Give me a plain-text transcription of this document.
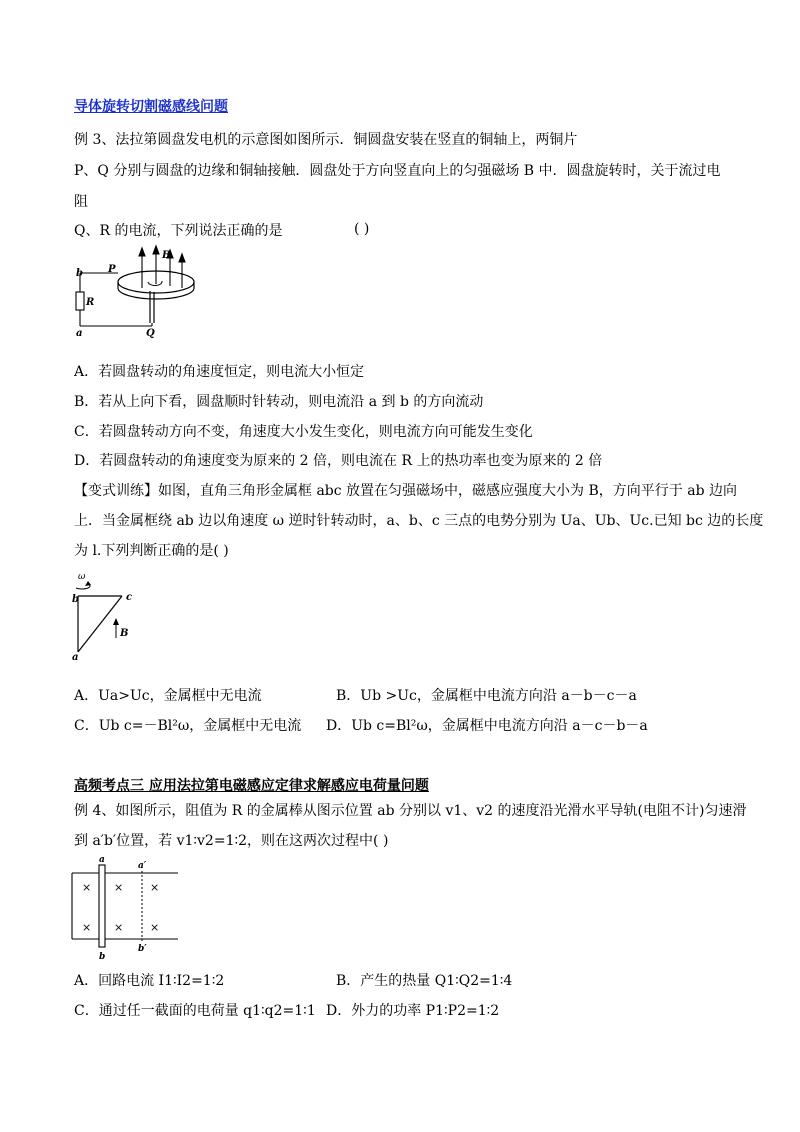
导体旋转切割磁感线问题
例 3、法拉第圆盘发电机的示意图如图所示．铜圆盘安装在竖直的铜轴上，两铜片
P、Q 分别与圆盘的边缘和铜轴接触．圆盘处于方向竖直向上的匀强磁场 B 中．圆盘旋转时，关于流过电
阻
Q、R 的电流，下列说法正确的是	( )
b	P
B
R
a	Q
A．若圆盘转动的角速度恒定，则电流大小恒定
B．若从上向下看，圆盘顺时针转动，则电流沿 a 到 b 的方向流动
C．若圆盘转动方向不变，角速度大小发生变化，则电流方向可能发生变化
D．若圆盘转动的角速度变为原来的 2 倍，则电流在 R 上的热功率也变为原来的 2 倍
【变式训练】如图，直角三角形金属框 abc 放置在匀强磁场中，磁感应强度大小为 B，方向平行于 ab 边向
上．当金属框绕 ab 边以角速度 ω 逆时针转动时，a、b、c 三点的电势分别为 Ua、Ub、Uc.已知 bc 边的长度
为 l.下列判断正确的是( )
ω
b	c
B
a
A．Ua>Uc，金属框中无电流	B．Ub >Uc，金属框中电流方向沿 a－b－c－a
C．Ub c=－Bl²ω，金属框中无电流 D．Ub c=Bl²ω，金属框中电流方向沿 a－c－b－a
高频考点三 应用法拉第电磁感应定律求解感应电荷量问题
例 4、如图所示，阻值为 R 的金属棒从图示位置 ab 分别以 v1、v2 的速度沿光滑水平导轨(电阻不计)匀速滑
到 a′b′位置，若 v1∶v2=1∶2，则在这两次过程中( )
× × ×
× × ×
a
a′
b′
b
A．回路电流 I1∶I2=1∶2	B．产生的热量 Q1∶Q2=1∶4
C．通过任一截面的电荷量 q1∶q2=1∶1 D．外力的功率 P1∶P2=1∶2
